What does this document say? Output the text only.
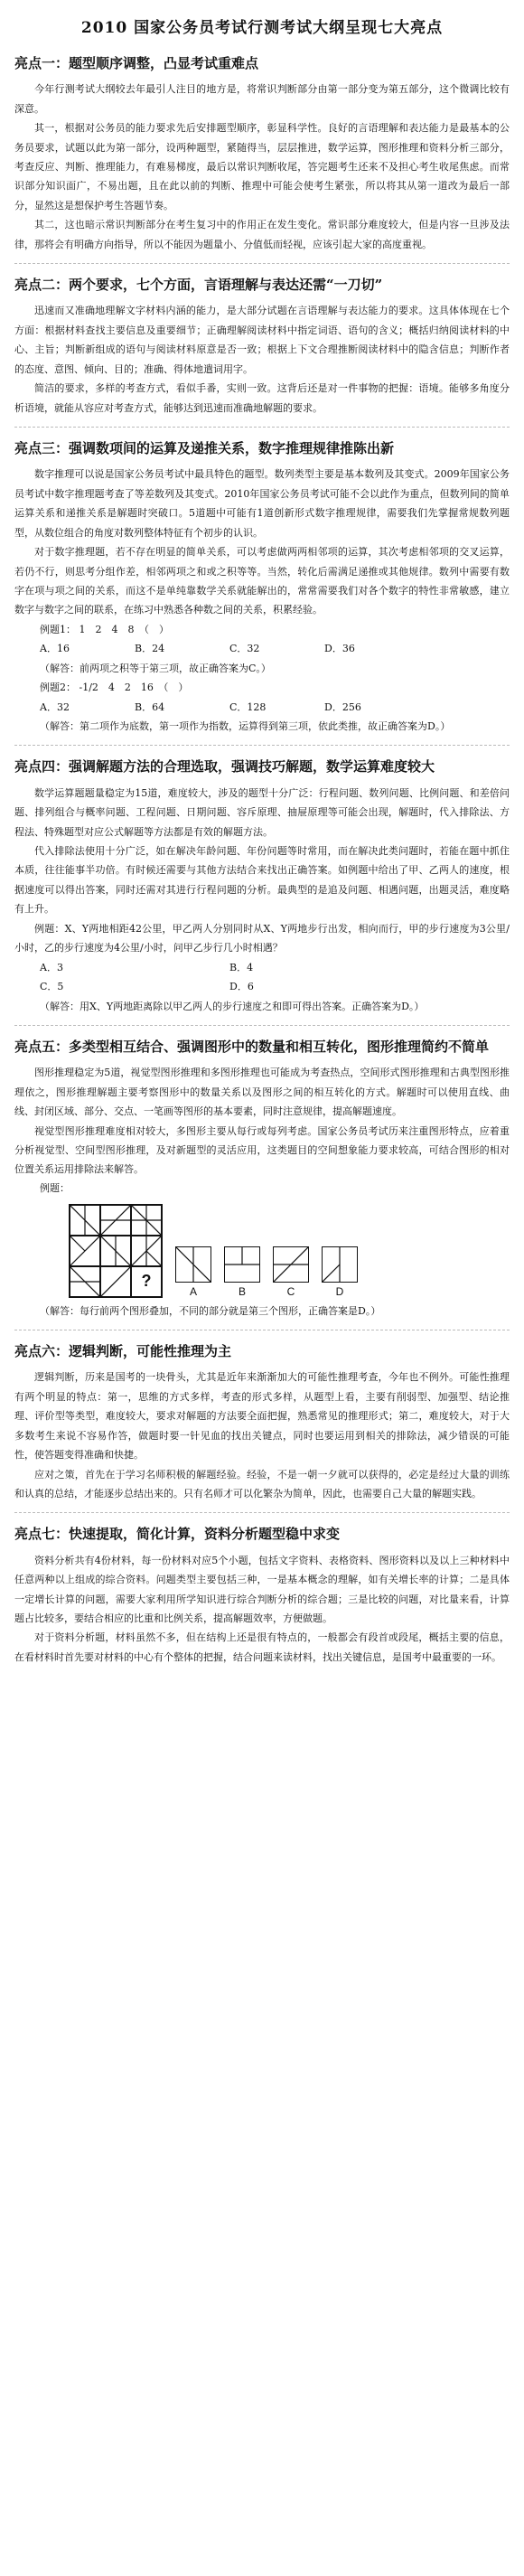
2010 国家公务员考试行测考试大纲呈现七大亮点
亮点一：题型顺序调整，凸显考试重难点

今年行测考试大纲较去年最引人注目的地方是，将常识判断部分由第一部分变为第五部分，这个微调比较有深意。

其一，根据对公务员的能力要求先后安排题型顺序，彰显科学性。良好的言语理解和表达能力是最基本的公务员要求，试题以此为第一部分，设两种题型，紧随得当，层层推进，数学运算，图形推理和资料分析三部分，考查反应、判断、推理能力，有难易梯度，最后以常识判断收尾，答完题考生还来不及担心考生收尾焦虑。而常识部分知识面广，不易出题，且在此以前的判断、推理中可能会使考生紧张，所以将其从第一道改为最后一部分，显然这是想保护考生答题节奏。

其二，这也暗示常识判断部分在考生复习中的作用正在发生变化。常识部分难度较大，但是内容一旦涉及法律，那将会有明确方向指导，所以不能因为题量小、分值低而轻视，应该引起大家的高度重视。

亮点二：两个要求，七个方面，言语理解与表达还需“一刀切”

迅速而又准确地理解文字材料内涵的能力，是大部分试题在言语理解与表达能力的要求。这具体体现在七个方面：根据材料查找主要信息及重要细节；正确理解阅读材料中指定词语、语句的含义；概括归纳阅读材料的中心、主旨；判断新组成的语句与阅读材料原意是否一致；根据上下文合理推断阅读材料中的隐含信息；判断作者的态度、意图、倾向、目的；准确、得体地遣词用字。

简洁的要求，多样的考查方式，看似手番，实则一致。这背后还是对一件事物的把握：语境。能够多角度分析语境，就能从容应对考查方式，能够达到迅速而准确地解题的要求。

亮点三：强调数项间的运算及递推关系，数字推理规律推陈出新

数字推理可以说是国家公务员考试中最具特色的题型。数列类型主要是基本数列及其变式。2009年国家公务员考试中数字推理题考查了等差数列及其变式。2010年国家公务员考试可能不会以此作为重点，但数列间的简单运算关系和递推关系是解题时突破口。5道题中可能有1道创新形式数字推理规律，需要我们先掌握常规数列题型，从数位组合的角度对数列整体特征有个初步的认识。

对于数字推理题，若不存在明显的简单关系，可以考虑做两两相邻项的运算，其次考虑相邻项的交叉运算，若仍不行，则思考分组作差，相邻两项之和或之积等等。当然，转化后需满足递推或其他规律。数列中需要有数字在项与项之间的关系，而这不是单纯靠数学关系就能解出的，常常需要我们对各个数字的特性非常敏感，建立数字与数字之间的联系，在练习中熟悉各种数之间的关系，积累经验。

例题1： 1　2　4　8　（　）
A．16	B．24	C．32	D．36
（解答：前两项之积等于第三项，故正确答案为C。）
例题2： -1/2　4　2　16　（　）
A．32	B．64	C．128	D．256
（解答：第二项作为底数，第一项作为指数，运算得到第三项，依此类推，故正确答案为D。）
亮点四：强调解题方法的合理选取，强调技巧解题，数学运算难度较大

数学运算题题量稳定为15道，难度较大，涉及的题型十分广泛：行程问题、数列问题、比例问题、和差倍问题、排列组合与概率问题、工程问题、日期问题、容斥原理、抽屉原理等可能会出现，解题时，代入排除法、方程法、特殊题型对应公式解题等方法都是有效的解题方法。

代入排除法使用十分广泛，如在解决年龄问题、年份问题等时常用，而在解决此类问题时，若能在题中抓住本质，往往能事半功倍。有时候还需要与其他方法结合来找出正确答案。如例题中给出了甲、乙两人的速度，根据速度可以得出答案，同时还需对其进行行程问题的分析。最典型的是追及问题、相遇问题，出题灵活，难度略有上升。

例题：X、Y两地相距42公里，甲乙两人分别同时从X、Y两地步行出发，相向而行，甲的步行速度为3公里/小时，乙的步行速度为4公里/小时，问甲乙步行几小时相遇？

A．3	B．4
C．5	D．6
（解答：用X、Y两地距离除以甲乙两人的步行速度之和即可得出答案。正确答案为D。）
亮点五：多类型相互结合、强调图形中的数量和相互转化，图形推理简约不简单

图形推理稳定为5道，视觉型图形推理和多图形推理也可能成为考查热点，空间形式图形推理和古典型图形推理依之，图形推理解题主要考察图形中的数量关系以及图形之间的相互转化的方式。解题时可以使用直线、曲线、封闭区域、部分、交点、一笔画等图形的基本要素，同时注意规律，提高解题速度。

视觉型图形推理难度相对较大，多图形主要从每行或每列考虑。国家公务员考试历来注重图形特点，应着重分析视觉型、空间型图形推理，及对新题型的灵活应用，这类题目的空间想象能力要求较高，可结合图形的相对位置关系运用排除法来解答。

例题：
?
A	B	C	D
（解答：每行前两个图形叠加，不同的部分就是第三个图形，正确答案是D。）
亮点六：逻辑判断，可能性推理为主

逻辑判断，历来是国考的一块骨头，尤其是近年来渐渐加大的可能性推理考查，今年也不例外。可能性推理有两个明显的特点：第一，思维的方式多样，考查的形式多样，从题型上看，主要有削弱型、加强型、结论推理、评价型等类型，难度较大，要求对解题的方法要全面把握，熟悉常见的推理形式；第二，难度较大，对于大多数考生来说不容易作答，做题时要一针见血的找出关键点，同时也要运用到相关的排除法，减少错误的可能性，使答题变得准确和快捷。

应对之策，首先在于学习名师积极的解题经验。经验，不是一朝一夕就可以获得的，必定是经过大量的训练和认真的总结，才能逐步总结出来的。只有名师才可以化繁杂为简单，因此，也需要自己大量的解题实践。

亮点七：快速提取，简化计算，资料分析题型稳中求变

资料分析共有4份材料，每一份材料对应5个小题，包括文字资料、表格资料、图形资料以及以上三种材料中任意两种以上组成的综合资料。问题类型主要包括三种，一是基本概念的理解，如有关增长率的计算；二是具体一定增长计算的问题，需要大家利用所学知识进行综合判断分析的综合题；三是比较的问题，对比量来看，计算题占比较多，要结合相应的比重和比例关系，提高解题效率，方便做题。

对于资料分析题，材料虽然不多，但在结构上还是很有特点的，一般都会有段首或段尾，概括主要的信息，在看材料时首先要对材料的中心有个整体的把握，结合问题来读材料，找出关键信息，是国考中最重要的一环。
